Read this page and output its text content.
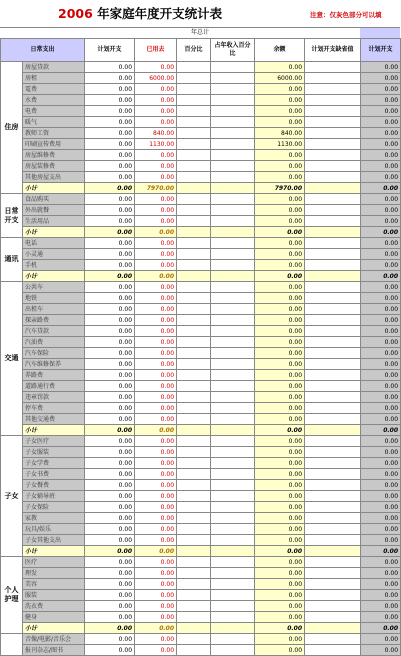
2006 年家庭年度开支统计表	注意：仅灰色部分可以填
年总计
日常支出		计划开支	已用去	百分比	占年收入百分比	余额	计划开支缺省值	计划开支
住房	房屋贷款	0.00	0.00			0.00		0.00
	房租	0.00	6000.00			6000.00		0.00
	電费	0.00	0.00			0.00		0.00
	水费	0.00	0.00			0.00		0.00
	电费	0.00	0.00			0.00		0.00
	暖气	0.00	0.00			0.00		0.00
	教师工资	0.00	840.00			840.00		0.00
	印刷宣传费用	0.00	1130.00			1130.00		0.00
	房屋维修费	0.00	0.00			0.00		0.00
	房屋装修费	0.00	0.00			0.00		0.00
	其他房屋支出	0.00	0.00			0.00		0.00
	小计	0.00	7970.00			7970.00		0.00
日常开支	食品购买	0.00	0.00			0.00		0.00
	外出就餐	0.00	0.00			0.00		0.00
	生活用品	0.00	0.00			0.00		0.00
	小计	0.00	0.00			0.00		0.00
通讯	电话	0.00	0.00			0.00		0.00
	小灵通	0.00	0.00			0.00		0.00
	手机	0.00	0.00			0.00		0.00
	小计	0.00	0.00			0.00		0.00
交通	公共车	0.00	0.00			0.00		0.00
	地铁	0.00	0.00			0.00		0.00
	出租车	0.00	0.00			0.00		0.00
	探亲路费	0.00	0.00			0.00		0.00
	汽车贷款	0.00	0.00			0.00		0.00
	汽油费	0.00	0.00			0.00		0.00
	汽车保险	0.00	0.00			0.00		0.00
	汽车维修保养	0.00	0.00			0.00		0.00
	养路费	0.00	0.00			0.00		0.00
	道路通行费	0.00	0.00			0.00		0.00
	违章罚款	0.00	0.00			0.00		0.00
	停车费	0.00	0.00			0.00		0.00
	其他交通费	0.00	0.00			0.00		0.00
	小计	0.00	0.00			0.00		0.00
子女	子女医疗	0.00	0.00			0.00		0.00
	子女服装	0.00	0.00			0.00		0.00
	子女学费	0.00	0.00			0.00		0.00
	子女书费	0.00	0.00			0.00		0.00
	子女餐费	0.00	0.00			0.00		0.00
	子女辅导班	0.00	0.00			0.00		0.00
	子女保险	0.00	0.00			0.00		0.00
	家教	0.00	0.00			0.00		0.00
	玩具/娱乐	0.00	0.00			0.00		0.00
	子女其他支出	0.00	0.00			0.00		0.00
	小计	0.00	0.00			0.00		0.00
个人护理	医疗	0.00	0.00			0.00		0.00
	理发	0.00	0.00			0.00		0.00
	美容	0.00	0.00			0.00		0.00
	服装	0.00	0.00			0.00		0.00
	洗衣费	0.00	0.00			0.00		0.00
	健身	0.00	0.00			0.00		0.00
	小计	0.00	0.00			0.00		0.00
	音像/电影/音乐会	0.00	0.00			0.00		0.00
	报刊杂志/图书	0.00	0.00			0.00		0.00
